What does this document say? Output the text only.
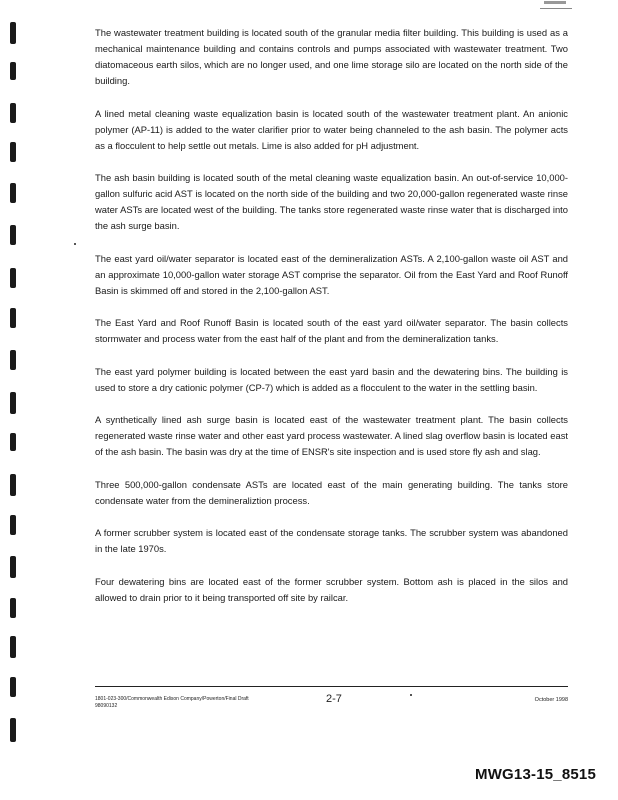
The wastewater treatment building is located south of the granular media filter building. This building is used as a mechanical maintenance building and contains controls and pumps associated with wastewater treatment. Two diatomaceous earth silos, which are no longer used, and one lime storage silo are located on the north side of the building.

A lined metal cleaning waste equalization basin is located south of the wastewater treatment plant. An anionic polymer (AP-11) is added to the water clarifier prior to water being channeled to the ash basin. The polymer acts as a flocculent to help settle out metals. Lime is also added for pH adjustment.

The ash basin building is located south of the metal cleaning waste equalization basin. An out-of-service 10,000-gallon sulfuric acid AST is located on the north side of the building and two 20,000-gallon regenerated waste rinse water ASTs are located west of the building. The tanks store regenerated waste rinse water that is discharged into the ash surge basin.

The east yard oil/water separator is located east of the demineralization ASTs. A 2,100-gallon waste oil AST and an approximate 10,000-gallon water storage AST comprise the separator. Oil from the East Yard and Roof Runoff Basin is skimmed off and stored in the 2,100-gallon AST.

The East Yard and Roof Runoff Basin is located south of the east yard oil/water separator. The basin collects stormwater and process water from the east half of the plant and from the demineralization tanks.

The east yard polymer building is located between the east yard basin and the dewatering bins. The building is used to store a dry cationic polymer (CP-7) which is added as a flocculent to the water in the settling basin.

A synthetically lined ash surge basin is located east of the wastewater treatment plant. The basin collects regenerated waste rinse water and other east yard process wastewater. A lined slag overflow basin is located east of the ash basin. The basin was dry at the time of ENSR's site inspection and is used store fly ash and slag.

Three 500,000-gallon condensate ASTs are located east of the main generating building. The tanks store condensate water from the demineraliztion process.

A former scrubber system is located east of the condensate storage tanks. The scrubber system was abandoned in the late 1970s.

Four dewatering bins are located east of the former scrubber system. Bottom ash is placed in the silos and allowed to drain prior to it being transported off site by railcar.

1801-023-300/Commonwealth Edison Company/Powerton/Final Draft
98090132
2-7	October 1998
MWG13-15_8515
